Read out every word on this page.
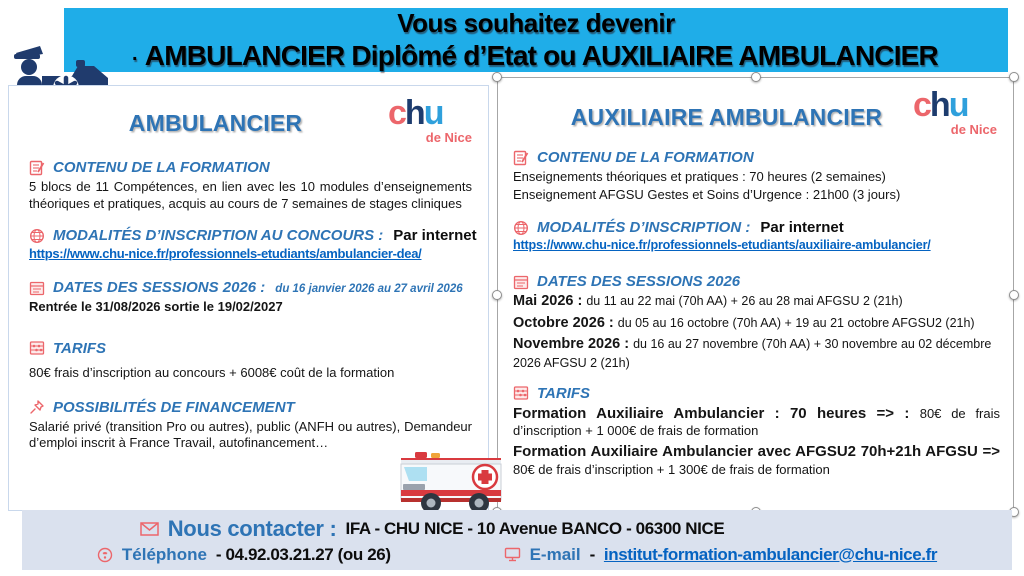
Vous souhaitez devenir
. AMBULANCIER Diplômé d’Etat ou AUXILIAIRE AMBULANCIER
chu
de Nice
AMBULANCIER
CONTENU DE LA FORMATION
5 blocs de 11 Compétences, en lien avec les 10 modules d’enseignements théoriques et pratiques, acquis au cours de 7 semaines de stages cliniques
MODALITÉS D’INSCRIPTION AU CONCOURS : Par internet
https://www.chu-nice.fr/professionnels-etudiants/ambulancier-dea/
DATES DES SESSIONS 2026 : du 16 janvier 2026 au 27 avril 2026
Rentrée le 31/08/2026 sortie le 19/02/2027
TARIFS
80€ frais d’inscription au concours + 6008€ coût de la formation
POSSIBILITÉS DE FINANCEMENT
Salarié privé (transition Pro ou autres), public (ANFH ou autres), Demandeur d’emploi inscrit à France Travail, autofinancement…
chu
de Nice
AUXILIAIRE AMBULANCIER
CONTENU DE LA FORMATION
Enseignements théoriques et pratiques : 70 heures (2 semaines)
Enseignement AFGSU Gestes et Soins d’Urgence : 21h00 (3 jours)
MODALITÉS D’INSCRIPTION : Par internet
https://www.chu-nice.fr/professionnels-etudiants/auxiliaire-ambulancier/
DATES DES SESSIONS 2026
Mai 2026 : du 11 au 22 mai (70h AA) + 26 au 28 mai AFGSU 2 (21h)
Octobre 2026 : du 05 au 16 octobre (70h AA) + 19 au 21 octobre AFGSU2 (21h)
Novembre 2026 : du 16 au 27 novembre (70h AA) + 30 novembre au 02 décembre 2026 AFGSU 2 (21h)
TARIFS
Formation Auxiliaire Ambulancier : 70 heures => : 80€ de frais d’inscription + 1 000€ de frais de formation
Formation Auxiliaire Ambulancier avec AFGSU2 70h+21h AFGSU => 80€ de frais d’inscription + 1 300€ de frais de formation
Nous contacter : IFA - CHU NICE - 10 Avenue BANCO - 06300 NICE
Téléphone - 04.92.03.21.27 (ou 26)	E-mail - institut-formation-ambulancier@chu-nice.fr
